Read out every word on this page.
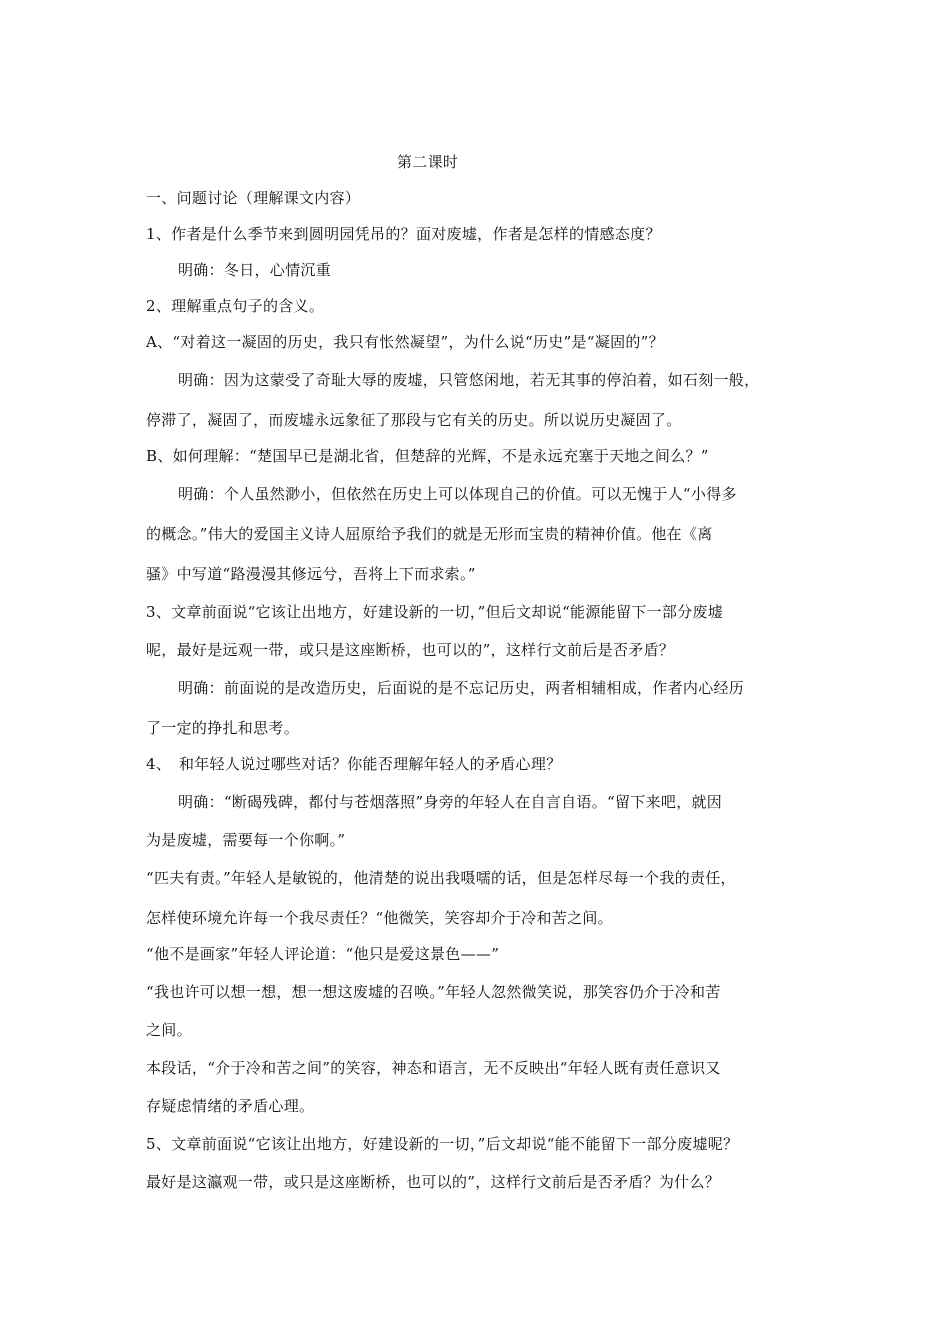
第二课时
一、问题讨论（理解课文内容）
1、作者是什么季节来到圆明园凭吊的？面对废墟，作者是怎样的情感态度？
明确：冬日，心情沉重
2、理解重点句子的含义。
A、“对着这一凝固的历史，我只有怅然凝望”，为什么说“历史”是“凝固的”？
明确：因为这蒙受了奇耻大辱的废墟，只管悠闲地，若无其事的停泊着，如石刻一般，
停滞了，凝固了，而废墟永远象征了那段与它有关的历史。所以说历史凝固了。
B、如何理解：“楚国早已是湖北省，但楚辞的光辉，不是永远充塞于天地之间么？”
明确：个人虽然渺小，但依然在历史上可以体现自己的价值。可以无愧于人“小得多
的概念。”伟大的爱国主义诗人屈原给予我们的就是无形而宝贵的精神价值。他在《离
骚》中写道“路漫漫其修远兮，吾将上下而求索。”
3、文章前面说“它该让出地方，好建设新的一切，”但后文却说“能源能留下一部分废墟
呢，最好是远观一带，或只是这座断桥，也可以的”，这样行文前后是否矛盾？
明确：前面说的是改造历史，后面说的是不忘记历史，两者相辅相成，作者内心经历
了一定的挣扎和思考。
4、　和年轻人说过哪些对话？你能否理解年轻人的矛盾心理？
明确：“断碣残碑，都付与苍烟落照”身旁的年轻人在自言自语。“留下来吧，就因
为是废墟，需要每一个你啊。”
“匹夫有责。”年轻人是敏锐的，他清楚的说出我嗫嚅的话，但是怎样尽每一个我的责任，
怎样使环境允许每一个我尽责任？“他微笑，笑容却介于冷和苦之间。
“他不是画家”年轻人评论道：“他只是爱这景色——”
“我也许可以想一想，想一想这废墟的召唤。”年轻人忽然微笑说，那笑容仍介于冷和苦
之间。
本段话，“介于冷和苦之间”的笑容，神态和语言，无不反映出“年轻人既有责任意识又
存疑虑情绪的矛盾心理。
5、文章前面说“它该让出地方，好建设新的一切，”后文却说“能不能留下一部分废墟呢？
最好是这瀛观一带，或只是这座断桥，也可以的”，这样行文前后是否矛盾？为什么？
